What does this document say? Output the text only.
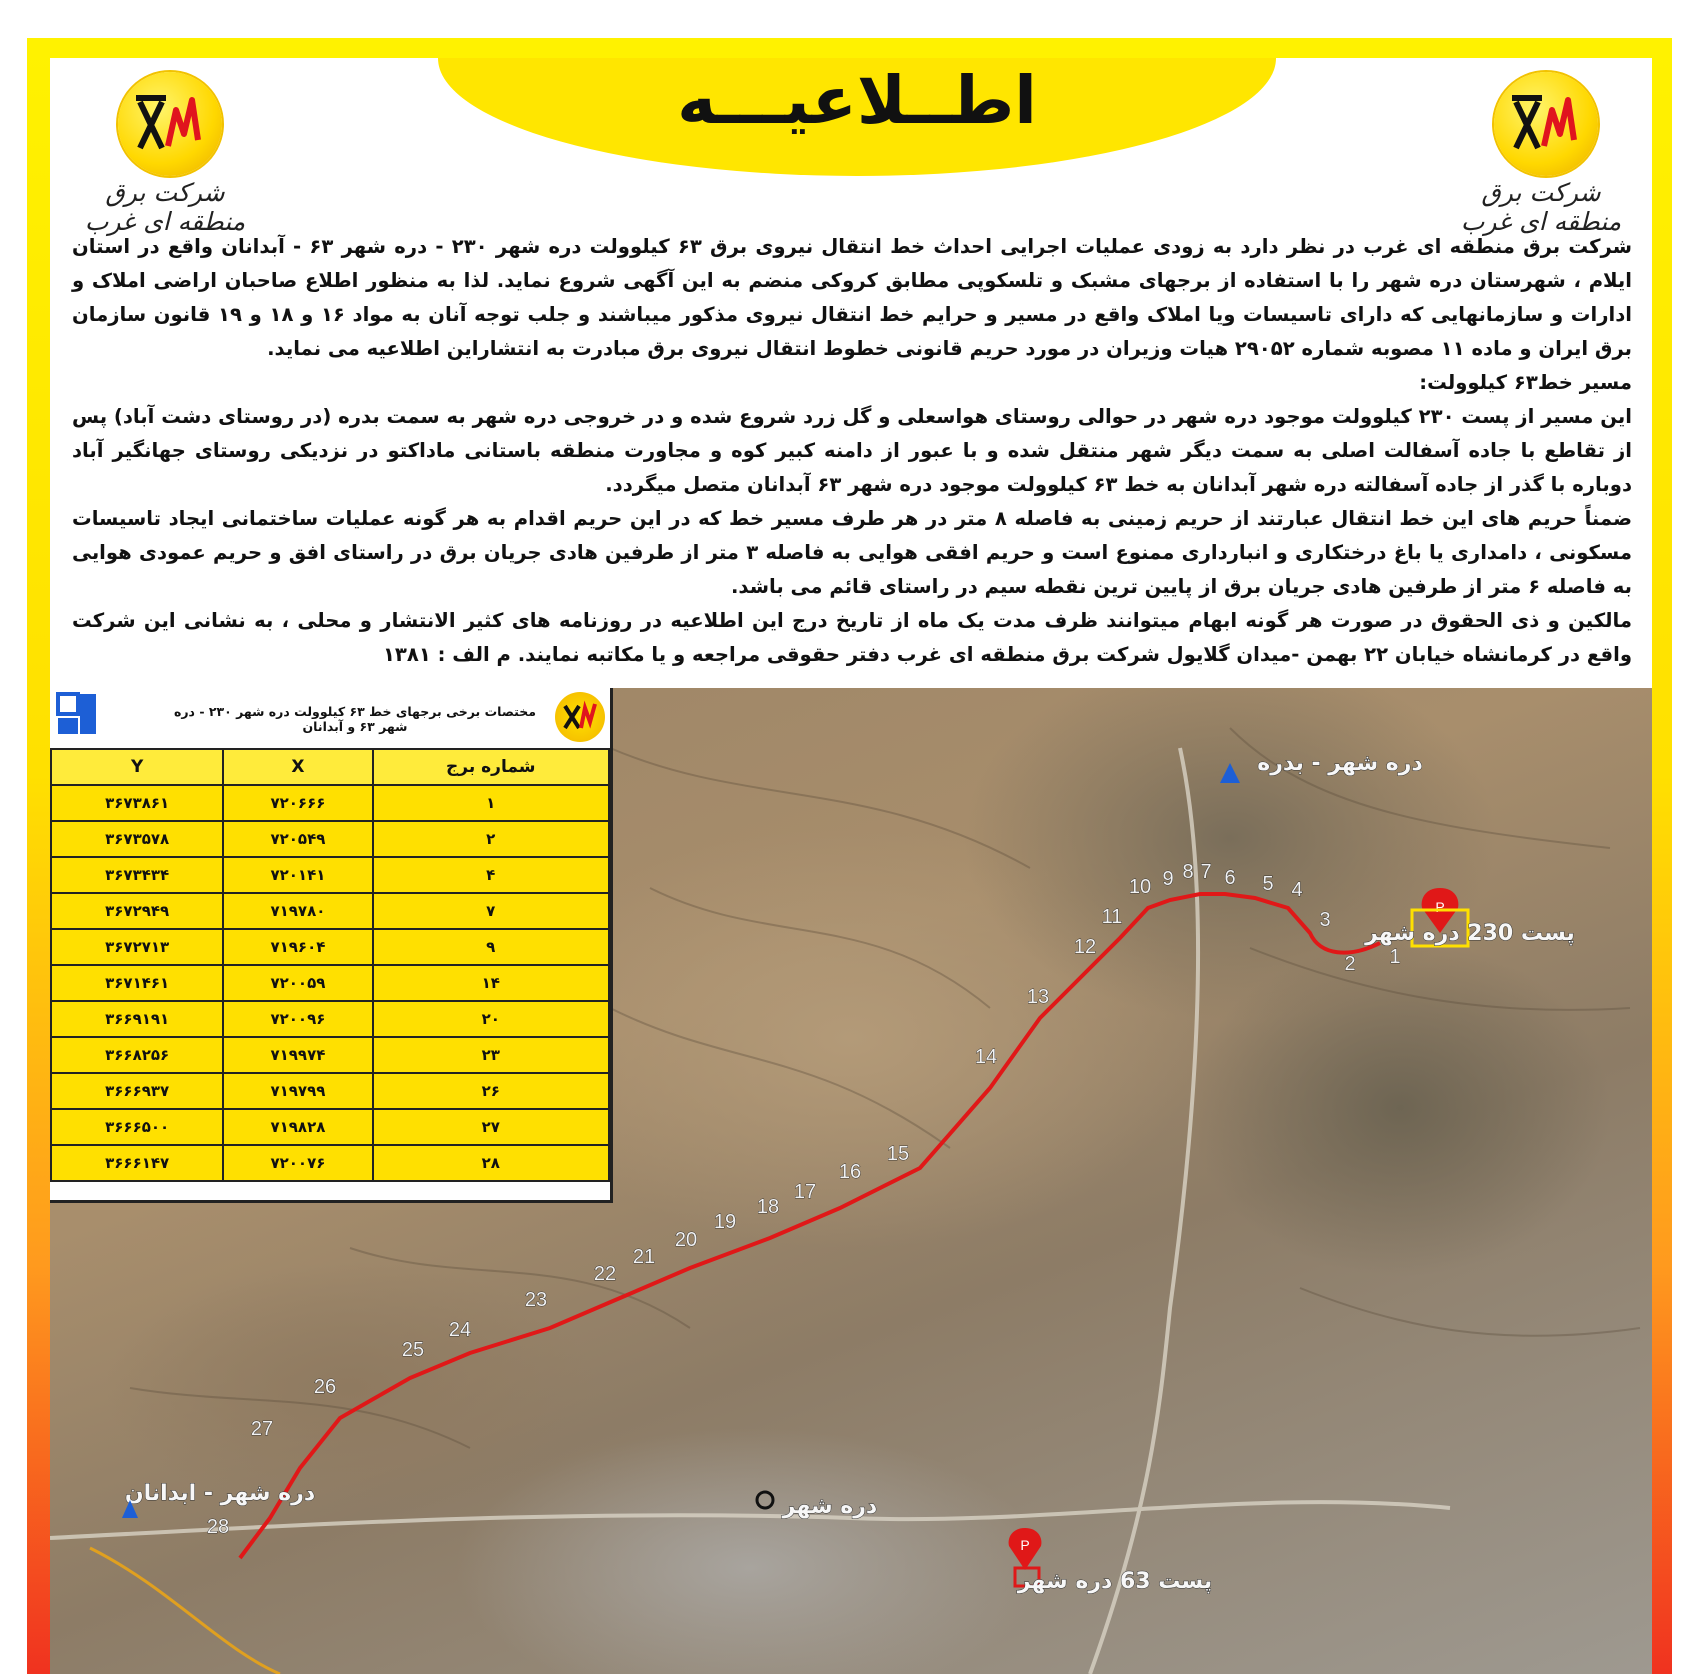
اطــلاعیـــه
شرکت برق منطقه ای غرب
شرکت برق منطقه ای غرب

شرکت برق منطقه ای غرب در نظر دارد به زودی عملیات اجرایی احداث خط انتقال نیروی برق ۶۳ کیلوولت دره شهر ۲۳۰ - دره شهر ۶۳ - آبدانان واقع در استان ایلام ، شهرستان دره شهر را با استفاده از برجهای مشبک و تلسکوپی مطابق کروکی منضم به این آگهی شروع نماید. لذا به منظور اطلاع صاحبان اراضی املاک و ادارات و سازمانهایی که دارای تاسیسات ویا املاک واقع در مسیر و حرایم خط انتقال نیروی مذکور میباشند و جلب توجه آنان به مواد ۱۶ و ۱۸ و ۱۹ قانون سازمان برق ایران و ماده ۱۱ مصوبه شماره ۲۹۰۵۲ هیات وزیران در مورد حریم قانونی خطوط انتقال نیروی برق مبادرت به انتشاراین اطلاعیه می نماید.

مسیر خط۶۳ کیلوولت:

این مسیر از پست ۲۳۰ کیلوولت موجود دره شهر در حوالی روستای هواسعلی و گل زرد شروع شده و در خروجی دره شهر به سمت بدره (در روستای دشت آباد) پس از تقاطع با جاده آسفالت اصلی به سمت دیگر شهر منتقل شده و با عبور از دامنه کبیر کوه و مجاورت منطقه باستانی ماداکتو در نزدیکی روستای جهانگیر آباد دوباره با گذر از جاده آسفالته دره شهر آبدانان به خط ۶۳ کیلوولت موجود دره شهر ۶۳ آبدانان متصل میگردد.

ضمناً حریم های این خط انتقال عبارتند از حریم زمینی به فاصله ۸ متر در هر طرف مسیر خط که در این حریم اقدام به هر گونه عملیات ساختمانی ایجاد تاسیسات مسکونی ، دامداری یا باغ درختکاری و انبارداری ممنوع است و حریم افقی هوایی به فاصله ۳ متر از طرفین هادی جریان برق در راستای افق و حریم عمودی هوایی به فاصله ۶ متر از طرفین هادی جریان برق از پایین ترین نقطه سیم در راستای قائم می باشد.

مالکین و ذی الحقوق در صورت هر گونه ابهام میتوانند ظرف مدت یک ماه از تاریخ درج این اطلاعیه در روزنامه های کثیر الانتشار و محلی ، به نشانی این شرکت واقع در کرمانشاه خیابان ۲۲ بهمن -میدان گلایول شرکت برق منطقه ای غرب دفتر حقوقی مراجعه و یا مکاتبه نمایند. م الف : ۱۳۸۱

1
2
3
4
5
6
7
8
9
10
11
12
13
14
15
16
17
18
19
20
21
22
23
24
25
26
27
28
P
P
پست 230 دره شهر
دره شهر - بدره
دره شهر - ابدانان
دره شهر
پست 63 دره شهر
مختصات برخی برجهای خط ۶۳ کیلوولت دره شهر ۲۳۰ - دره شهر ۶۳ و آبدانان
شماره برج	X	Y
۱	۷۲۰۶۶۶	۳۶۷۳۸۶۱
۲	۷۲۰۵۴۹	۳۶۷۳۵۷۸
۴	۷۲۰۱۴۱	۳۶۷۳۴۳۴
۷	۷۱۹۷۸۰	۳۶۷۲۹۴۹
۹	۷۱۹۶۰۴	۳۶۷۲۷۱۳
۱۴	۷۲۰۰۵۹	۳۶۷۱۴۶۱
۲۰	۷۲۰۰۹۶	۳۶۶۹۱۹۱
۲۳	۷۱۹۹۷۴	۳۶۶۸۲۵۶
۲۶	۷۱۹۷۹۹	۳۶۶۶۹۳۷
۲۷	۷۱۹۸۲۸	۳۶۶۶۵۰۰
۲۸	۷۲۰۰۷۶	۳۶۶۶۱۴۷
